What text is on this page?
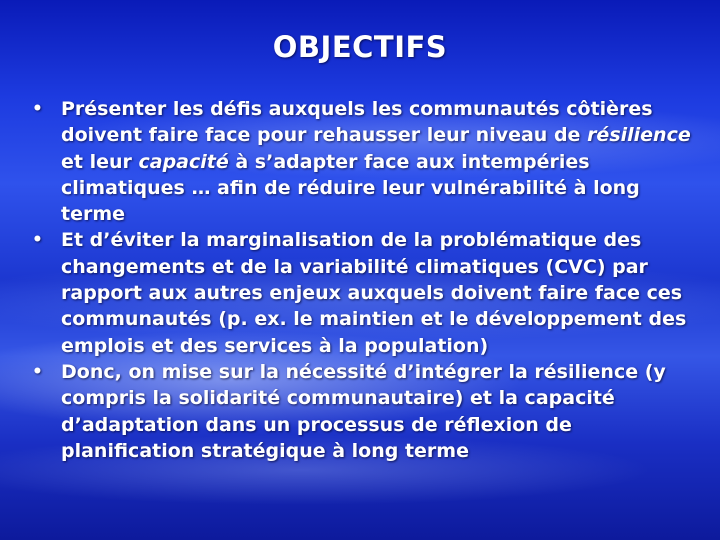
OBJECTIFS
• Présenter les défis auxquels les communautés côtières doivent faire face pour rehausser leur niveau de résilience et leur capacité à s’adapter face aux intempéries climatiques … afin de réduire leur vulnérabilité à long terme
• Et d’éviter la marginalisation de la problématique des changements et de la variabilité climatiques (CVC) par rapport aux autres enjeux auxquels doivent faire face ces communautés (p. ex. le maintien et le développement des emplois et des services à la population)
• Donc, on mise sur la nécessité d’intégrer la résilience (y compris la solidarité communautaire) et la capacité d’adaptation dans un processus de réflexion de planification stratégique à long terme
